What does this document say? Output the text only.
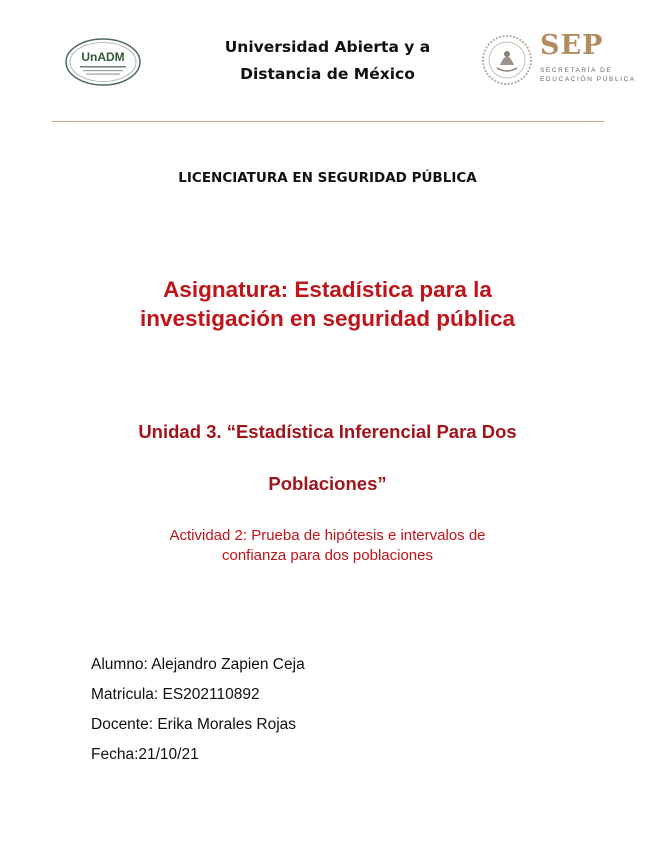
UnADM
Universidad Abierta y a
Distancia de México
SEP
SECRETARÍA DE
EDUCACIÓN PÚBLICA
LICENCIATURA EN SEGURIDAD PÚBLICA
Asignatura: Estadística para la
investigación en seguridad pública
Unidad 3. “Estadística Inferencial Para Dos
Poblaciones”
Actividad 2: Prueba de hipótesis e intervalos de
confianza para dos poblaciones
Alumno: Alejandro Zapien Ceja
Matricula: ES202110892
Docente: Erika Morales Rojas
Fecha:21/10/21
